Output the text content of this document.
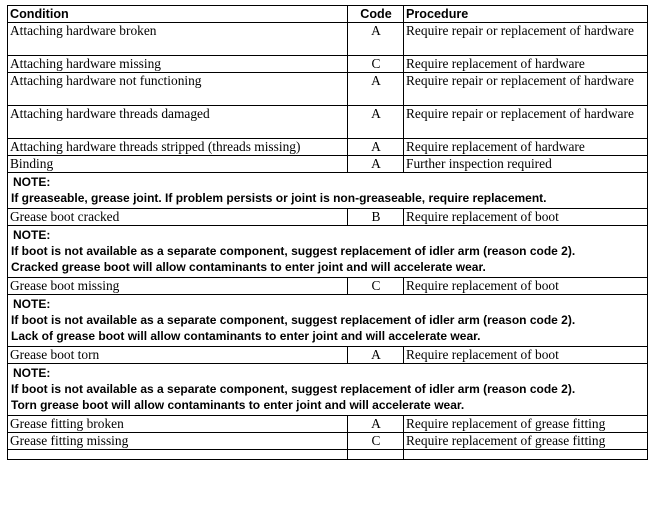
Condition	Code	Procedure
Attaching hardware broken	A	Require repair or replacement of hardware
Attaching hardware missing	C	Require replacement of hardware
Attaching hardware not functioning	A	Require repair or replacement of hardware
Attaching hardware threads damaged	A	Require repair or replacement of hardware
Attaching hardware threads stripped (threads missing)	A	Require replacement of hardware
Binding	A	Further inspection required

NOTE:
If greaseable, grease joint. If problem persists or joint is non-greaseable, require replacement.		

Grease boot cracked	B	Require replacement of boot

NOTE:
If boot is not available as a separate component, suggest replacement of idler arm (reason code 2).
Cracked grease boot will allow contaminants to enter joint and will accelerate wear.		

Grease boot missing	C	Require replacement of boot

NOTE:
If boot is not available as a separate component, suggest replacement of idler arm (reason code 2).
Lack of grease boot will allow contaminants to enter joint and will accelerate wear.		

Grease boot torn	A	Require replacement of boot

NOTE:
If boot is not available as a separate component, suggest replacement of idler arm (reason code 2).
Torn grease boot will allow contaminants to enter joint and will accelerate wear.		

Grease fitting broken	A	Require replacement of grease fitting
Grease fitting missing	C	Require replacement of grease fitting
